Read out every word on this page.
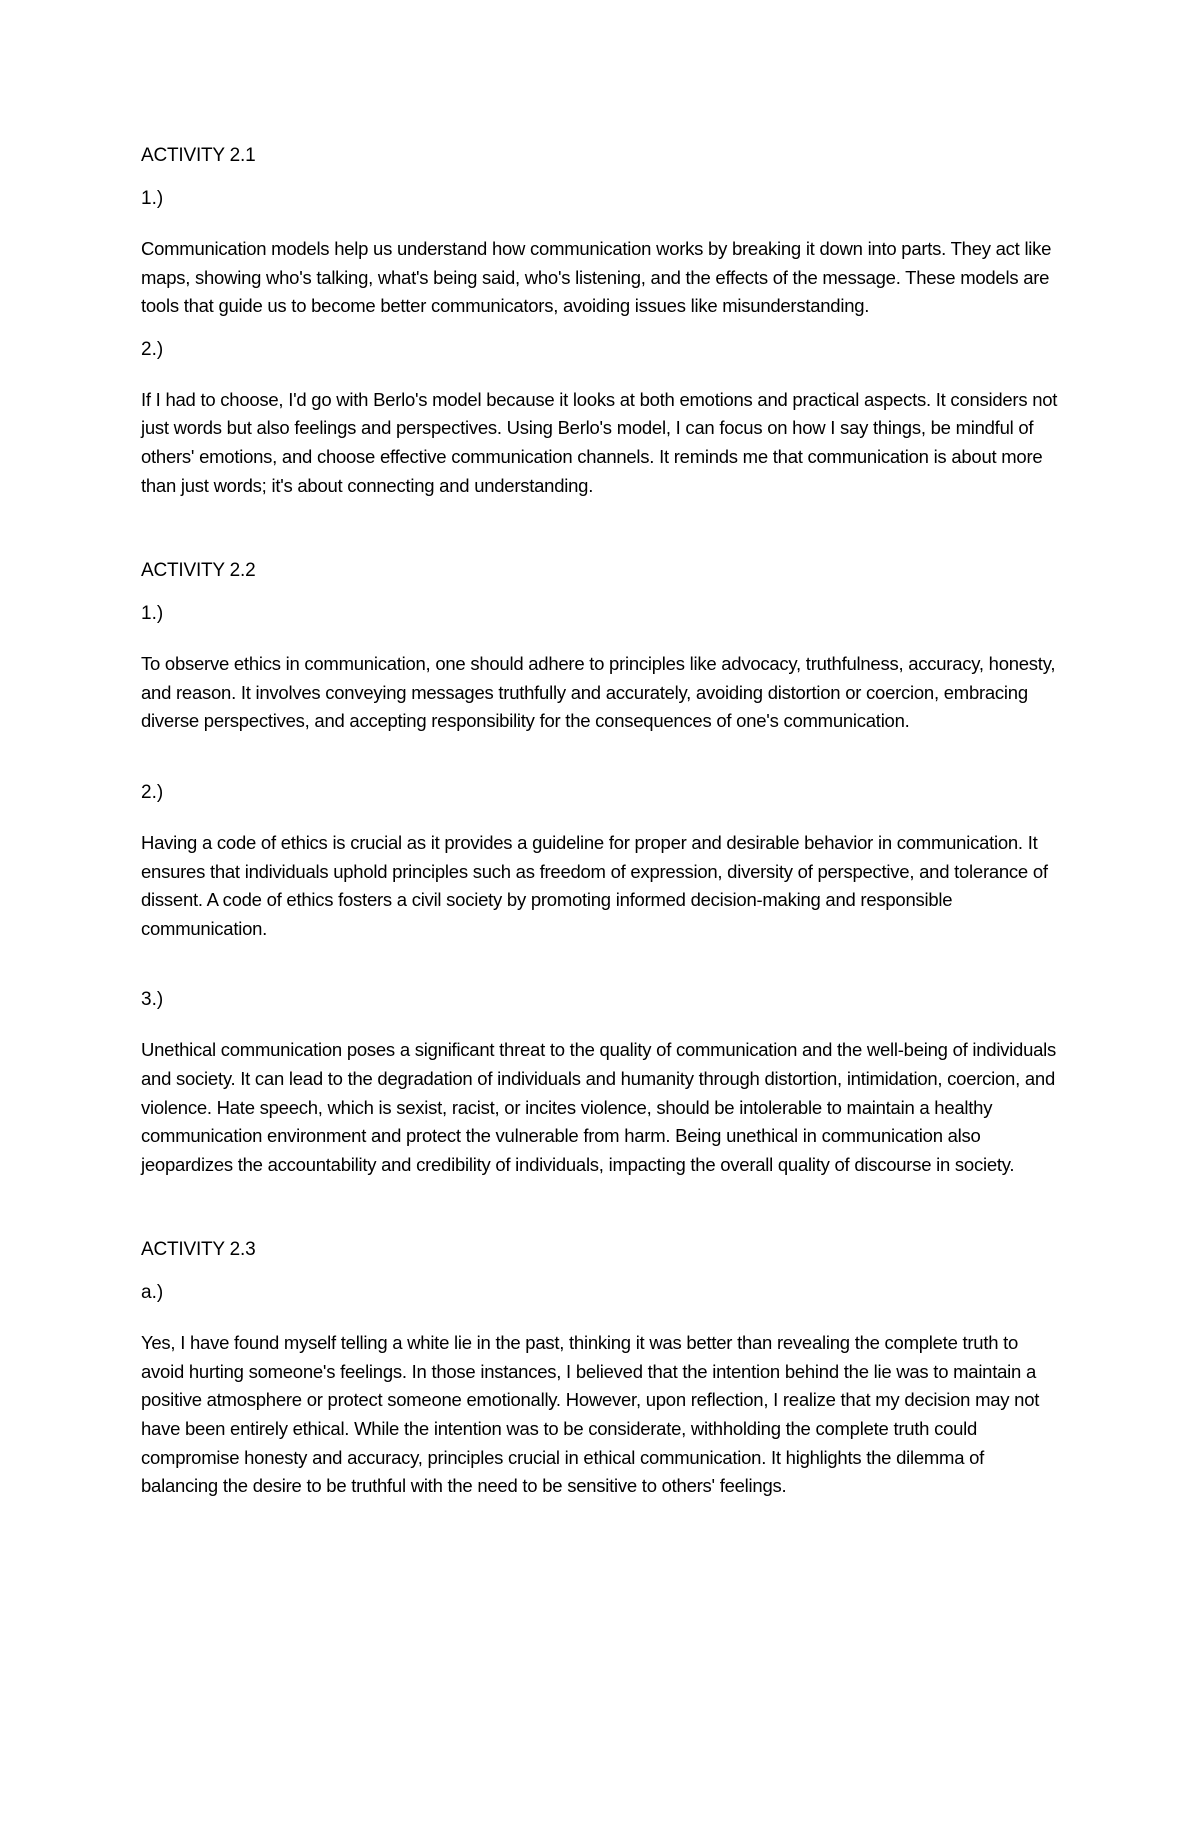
ACTIVITY 2.1
1.)

Communication models help us understand how communication works by breaking it down into parts. They act like maps, showing who's talking, what's being said, who's listening, and the effects of the message. These models are tools that guide us to become better communicators, avoiding issues like misunderstanding.

2.)

If I had to choose, I'd go with Berlo's model because it looks at both emotions and practical aspects. It considers not just words but also feelings and perspectives. Using Berlo's model, I can focus on how I say things, be mindful of others' emotions, and choose effective communication channels. It reminds me that communication is about more than just words; it's about connecting and understanding.

ACTIVITY 2.2
1.)

To observe ethics in communication, one should adhere to principles like advocacy, truthfulness, accuracy, honesty, and reason. It involves conveying messages truthfully and accurately, avoiding distortion or coercion, embracing diverse perspectives, and accepting responsibility for the consequences of one's communication.

2.)

Having a code of ethics is crucial as it provides a guideline for proper and desirable behavior in communication. It ensures that individuals uphold principles such as freedom of expression, diversity of perspective, and tolerance of dissent. A code of ethics fosters a civil society by promoting informed decision-making and responsible communication.

3.)

Unethical communication poses a significant threat to the quality of communication and the well-being of individuals and society. It can lead to the degradation of individuals and humanity through distortion, intimidation, coercion, and violence. Hate speech, which is sexist, racist, or incites violence, should be intolerable to maintain a healthy communication environment and protect the vulnerable from harm. Being unethical in communication also jeopardizes the accountability and credibility of individuals, impacting the overall quality of discourse in society.

ACTIVITY 2.3
a.)

Yes, I have found myself telling a white lie in the past, thinking it was better than revealing the complete truth to avoid hurting someone's feelings. In those instances, I believed that the intention behind the lie was to maintain a positive atmosphere or protect someone emotionally. However, upon reflection, I realize that my decision may not have been entirely ethical. While the intention was to be considerate, withholding the complete truth could compromise honesty and accuracy, principles crucial in ethical communication. It highlights the dilemma of balancing the desire to be truthful with the need to be sensitive to others' feelings.
